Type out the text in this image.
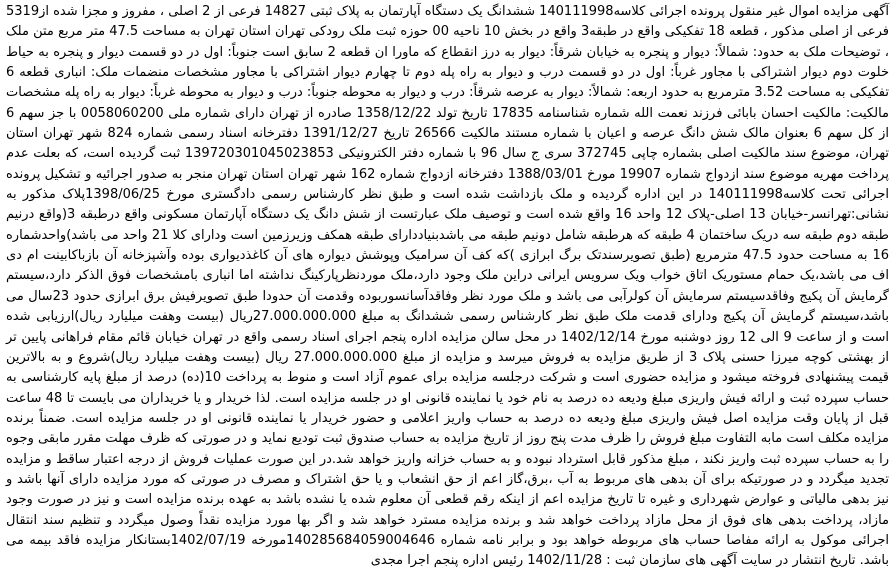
آگهی مزایده اموال غیر منقول پرونده اجرائی کلاسه140111998 ششدانگ یک دستگاه آپارتمان به پلاک ثبتی 14827 فرعی از 2 اصلی ، مفروز و مجزا شده از5319 فرعی از اصلی مذکور ، قطعه 18 تفکیکی واقع در طبقه3 واقع در بخش 10 ناحیه 00 حوزه ثبت ملک رودکی تهران استان تهران به مساحت 47.5 متر مربع متن ملک ، توضیحات ملک به حدود: شمالاً: دیوار و پنجره به خیابان شرقاً: دیوار به درز انقطاع که ماورا ان قطعه 2 سابق است جنوباً: اول در دو قسمت دیوار و پنجره به حیاط خلوت دوم دیوار اشتراکی با مجاور غرباً: اول در دو قسمت درب و دیوار به راه پله دوم تا چهارم دیوار اشتراکی با مجاور مشخصات منضمات ملک: انباری قطعه 6 تفکیکی به مساحت 3.52 مترمربع به حدود اربعه: شمالاً: دیوار به عرصه شرقاً: درب و دیوار به محوطه جنوباً: درب و دیوار به محوطه غرباً: دیوار به راه پله مشخصات مالکیت: مالکیت احسان بابائی فرزند نعمت الله شماره شناسنامه 17835 تاریخ تولد 1358/12/22 صادره از تهران دارای شماره ملی 0058060200 با جز سهم 6 از کل سهم 6 بعنوان مالک شش دانگ عرصه و اعیان با شماره مستند مالکیت 26566 تاریخ 1391/12/27 دفترخانه اسناد رسمی شماره 824 شهر تهران استان تهران، موضوع سند مالکیت اصلی بشماره چاپی 372745 سری ج سال 96 با شماره دفتر الکترونیکی 139720301045023853 ثبت گردیده است، که بعلت عدم پرداخت مهریه موضوع سند ازدواج شماره 19907 مورخ 1388/03/01 دفترخانه ازدواج شماره 162 شهر تهران استان تهران منجر به صدور اجرائیه و تشکیل پرونده اجرائی تحت کلاسه140111998 در این اداره گردیده و ملک بازداشت شده است و طبق نظر کارشناس رسمی دادگستری مورخ 1398/06/25پلاک مذکور به نشانی:تهرانسر-خیابان 13 اصلی-پلاک 12 واحد 16 واقع شده است و توصیف ملک عبارتست از شش دانگ یک دستگاه آپارتمان مسکونی واقع درطبقه 3(واقع درنیم طبقه دوم طبقه سه دریک ساختمان 4 طبقه که هرطبقه شامل دونیم طبقه می باشدبنیاددارای طبقه همکف وزیرزمین است ودارای کلا 21 واحد می باشد)واحدشماره 16 به مساحت حدود 47.5 مترمربع (طبق تصویرسندتک برگ ابرازی )که کف آن سرامیک وپوشش دیواره های آن کاغذدیواری بوده وآشپزخانه آن بازباکابینت ام دی اف می باشد،یک حمام مستوریک اتاق خواب ویک سرویس ایرانی دراین ملک وجود دارد،ملک موردنظرپارکینگ نداشته اما انباری بامشخصات فوق الذکر دارد،سیستم گرمایش آن پکیج وفاقدسیستم سرمایش آن کولرآبی می باشد و ملک مورد نظر وفاقدآسانسوربوده وقدمت آن حدودا طبق تصویرفیش برق ابرازی حدود 23سال می باشد،سیستم گرمایش آن پکیج ودارای قدمت ملک طبق نظر کارشناس رسمی ششدانگ به مبلغ 27.000.000.000ریال (بیست وهفت میلیارد ریال)ارزیابی شده است و از ساعت 9 الی 12 روز دوشنبه مورخ 1402/12/14 در محل سالن مزایده اداره پنجم اجرای اسناد رسمی واقع در تهران خیابان قائم مقام فراهانی پایین تر از بهشتی کوچه میرزا حسنی پلاک 3 از طریق مزایده به فروش میرسد و مزایده از مبلغ 27.000.000.000 ریال (بیست وهفت میلیارد ریال)شروع و به بالاترین قیمت پیشنهادی فروخته میشود و مزایده حضوری است و شرکت درجلسه مزایده برای عموم آزاد است و منوط به پرداخت 10(ده) درصد از مبلغ پایه کارشناسی به حساب سپرده ثبت و ارائه فیش واریزی مبلغ ودیعه ده درصد به نام خود یا نماینده قانونی او در جلسه مزایده است. لذا خریدار و یا خریداران می بایست تا 48 ساعت قبل از پایان وقت مزایده اصل فیش واریزی مبلغ ودیعه ده درصد به حساب واریز اعلامی و حضور خریدار یا نماینده قانونی او در جلسه مزایده است. ضمناً برنده مزایده مکلف است مابه التفاوت مبلغ فروش را ظرف مدت پنج روز از تاریخ مزایده به حساب صندوق ثبت تودیع نماید و در صورتی که ظرف مهلت مقرر مابقی وجوه را به حساب سپرده ثبت واریز نکند ، مبلغ مذکور قابل استرداد نبوده و به حساب خزانه واریز خواهد شد.در این صورت عملیات فروش از درجه اعتبار ساقط و مزایده تجدید میگردد و در صورتیکه برای آن بدهی های مربوط به آب ،برق،گاز اعم از حق انشعاب و یا حق اشتراک و مصرف در صورتی که مورد مزایده دارای آنها باشد و نیز بدهی مالیاتی و عوارض شهرداری و غیره تا تاریخ مزایده اعم از اینکه رقم قطعی آن معلوم شده یا نشده باشد به عهده برنده مزایده است و نیز در صورت وجود مازاد، پرداخت بدهی های فوق از محل مازاد پرداخت خواهد شد و برنده مزایده مسترد خواهد شد و اگر بها مورد مزایده نقداً وصول میگردد و تنظیم سند انتقال اجرائی موکول به ارائه مفاصا حساب های مربوطه خواهد بود و برابر نامه شماره 140285684059004646مورخه 1402/07/19بستانکار مزایده فاقد بیمه می باشد. تاریخ انتشار در سایت آگهی های سازمان ثبت : 1402/11/28 رئیس اداره پنجم اجرا مجدی
